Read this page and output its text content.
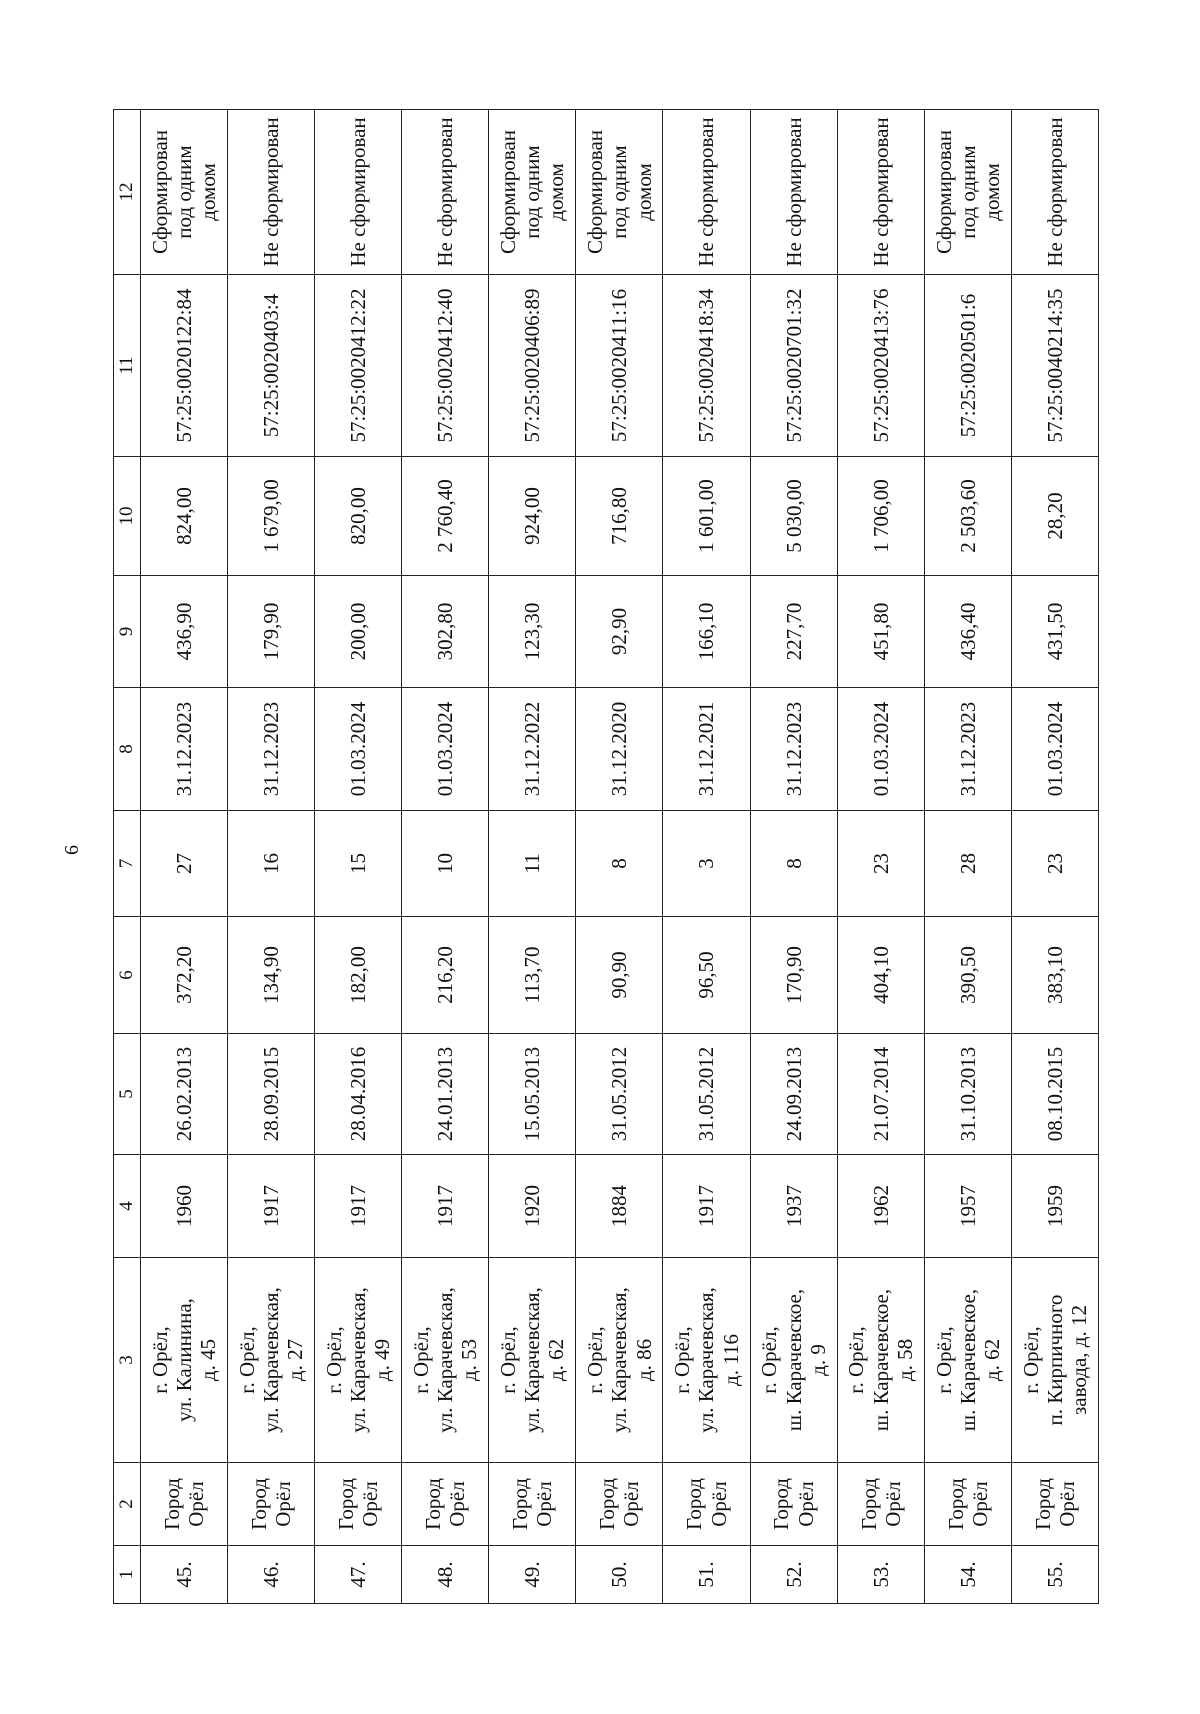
6
1	2	3	4	5	6	7	8	9	10	11	12
45.	Город
Орёл	г. Орёл,
ул. Калинина,
д. 45	1960	26.02.2013	372,20	27	31.12.2023	436,90	824,00	57:25:0020122:84	Сформирован
под одним
домом
46.	Город
Орёл	г. Орёл,
ул. Карачевская,
д. 27	1917	28.09.2015	134,90	16	31.12.2023	179,90	1 679,00	57:25:0020403:4	Не сформирован
47.	Город
Орёл	г. Орёл,
ул. Карачевская,
д. 49	1917	28.04.2016	182,00	15	01.03.2024	200,00	820,00	57:25:0020412:22	Не сформирован
48.	Город
Орёл	г. Орёл,
ул. Карачевская,
д. 53	1917	24.01.2013	216,20	10	01.03.2024	302,80	2 760,40	57:25:0020412:40	Не сформирован
49.	Город
Орёл	г. Орёл,
ул. Карачевская,
д. 62	1920	15.05.2013	113,70	11	31.12.2022	123,30	924,00	57:25:0020406:89	Сформирован
под одним
домом
50.	Город
Орёл	г. Орёл,
ул. Карачевская,
д. 86	1884	31.05.2012	90,90	8	31.12.2020	92,90	716,80	57:25:0020411:16	Сформирован
под одним
домом
51.	Город
Орёл	г. Орёл,
ул. Карачевская,
д. 116	1917	31.05.2012	96,50	3	31.12.2021	166,10	1 601,00	57:25:0020418:34	Не сформирован
52.	Город
Орёл	г. Орёл,
ш. Карачевское,
д. 9	1937	24.09.2013	170,90	8	31.12.2023	227,70	5 030,00	57:25:0020701:32	Не сформирован
53.	Город
Орёл	г. Орёл,
ш. Карачевское,
д. 58	1962	21.07.2014	404,10	23	01.03.2024	451,80	1 706,00	57:25:0020413:76	Не сформирован
54.	Город
Орёл	г. Орёл,
ш. Карачевское,
д. 62	1957	31.10.2013	390,50	28	31.12.2023	436,40	2 503,60	57:25:0020501:6	Сформирован
под одним
домом
55.	Город
Орёл	г. Орёл,
п. Кирпичного
завода, д. 12	1959	08.10.2015	383,10	23	01.03.2024	431,50	28,20	57:25:0040214:35	Не сформирован
